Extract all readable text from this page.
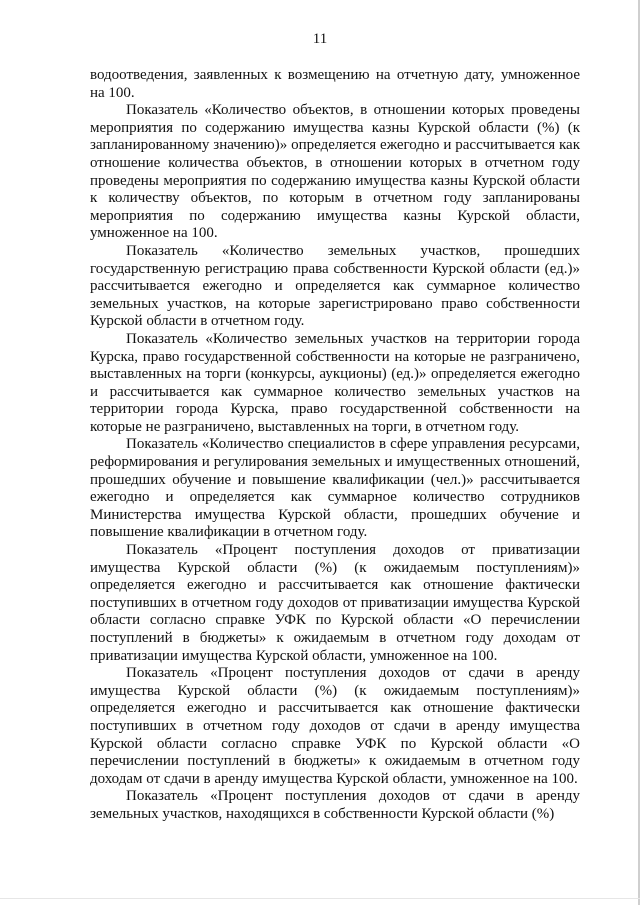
11

водоотведения, заявленных к возмещению на отчетную дату, умноженное на 100.

Показатель «Количество объектов, в отношении которых проведены мероприятия по содержанию имущества казны Курской области (%) (к запланированному значению)» определяется ежегодно и рассчитывается как отношение количества объектов, в отношении которых в отчетном году проведены мероприятия по содержанию имущества казны Курской области к количеству объектов, по которым в отчетном году запланированы мероприятия по содержанию имущества казны Курской области, умноженное на 100.

Показатель «Количество земельных участков, прошедших государственную регистрацию права собственности Курской области (ед.)» рассчитывается ежегодно и определяется как суммарное количество земельных участков, на которые зарегистрировано право собственности Курской области в отчетном году.

Показатель «Количество земельных участков на территории города Курска, право государственной собственности на которые не разграничено, выставленных на торги (конкурсы, аукционы) (ед.)» определяется ежегодно и рассчитывается как суммарное количество земельных участков на территории города Курска, право государственной собственности на которые не разграничено, выставленных на торги, в отчетном году.

Показатель «Количество специалистов в сфере управления ресурсами, реформирования и регулирования земельных и имущественных отношений, прошедших обучение и повышение квалификации (чел.)» рассчитывается ежегодно и определяется как суммарное количество сотрудников Министерства имущества Курской области, прошедших обучение и повышение квалификации в отчетном году.

Показатель «Процент поступления доходов от приватизации имущества Курской области (%) (к ожидаемым поступлениям)» определяется ежегодно и рассчитывается как отношение фактически поступивших в отчетном году доходов от приватизации имущества Курской области согласно справке УФК по Курской области «О перечислении поступлений в бюджеты» к ожидаемым в отчетном году доходам от приватизации имущества Курской области, умноженное на 100.

Показатель «Процент поступления доходов от сдачи в аренду имущества Курской области (%) (к ожидаемым поступлениям)» определяется ежегодно и рассчитывается как отношение фактически поступивших в отчетном году доходов от сдачи в аренду имущества Курской области согласно справке УФК по Курской области «О перечислении поступлений в бюджеты» к ожидаемым в отчетном году доходам от сдачи в аренду имущества Курской области, умноженное на 100.

Показатель «Процент поступления доходов от сдачи в аренду земельных участков, находящихся в собственности Курской области (%)
